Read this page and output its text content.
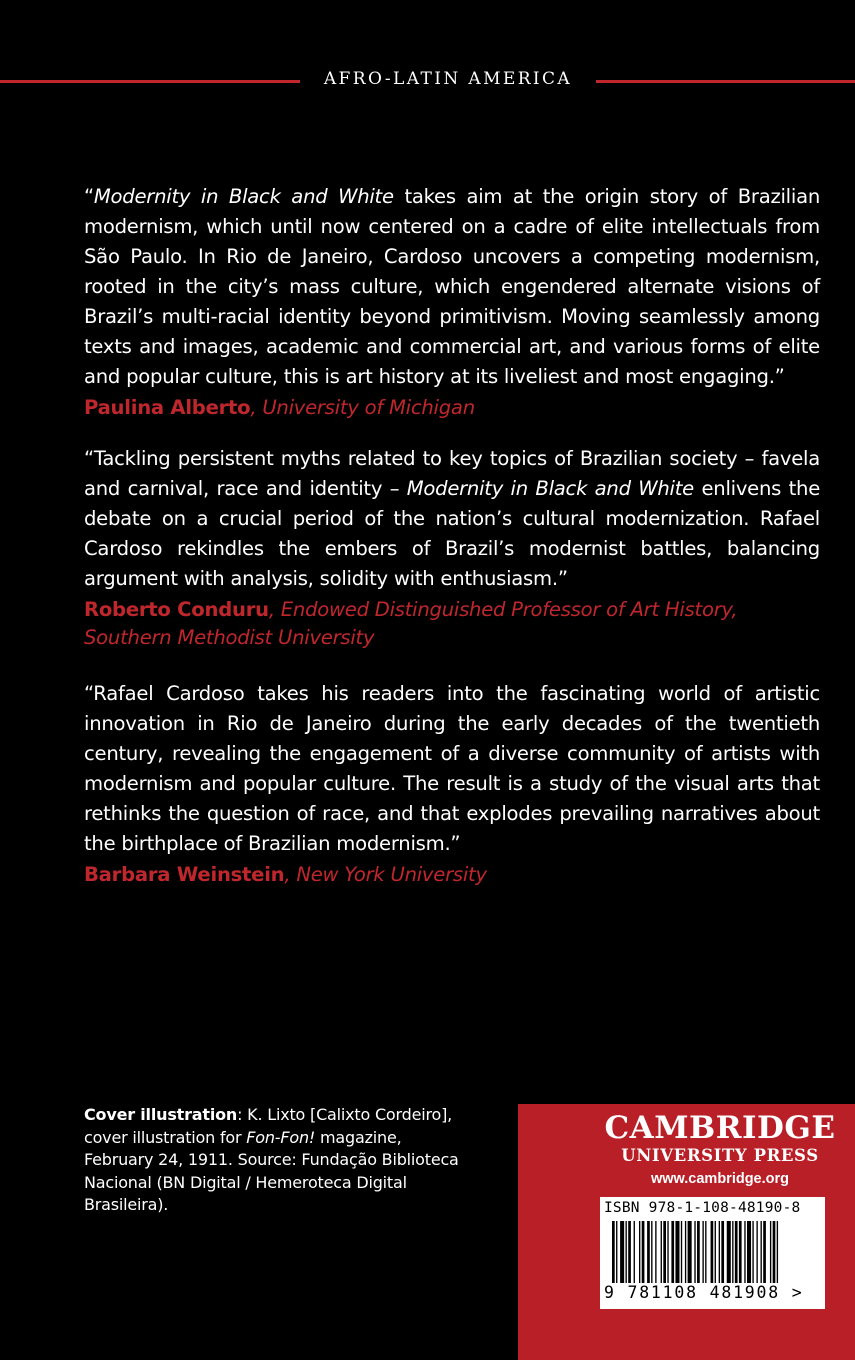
AFRO-LATIN AMERICA

“Modernity in Black and White takes aim at the origin story of Brazilian modernism, which until now centered on a cadre of elite intellectuals from São Paulo. In Rio de Janeiro, Cardoso uncovers a competing modernism, rooted in the city’s mass culture, which engendered alternate visions of Brazil’s multi-racial identity beyond primitivism. Moving seamlessly among texts and images, academic and commercial art, and various forms of elite and popular culture, this is art history at its liveliest and most engaging.”

Paulina Alberto, University of Michigan

“Tackling persistent myths related to key topics of Brazilian society – favela and carnival, race and identity – Modernity in Black and White enlivens the debate on a crucial period of the nation’s cultural modernization. Rafael Cardoso rekindles the embers of Brazil’s modernist battles, balancing argument with analysis, solidity with enthusiasm.”

Roberto Conduru, Endowed Distinguished Professor of Art History, Southern Methodist University

“Rafael Cardoso takes his readers into the fascinating world of artistic innovation in Rio de Janeiro during the early decades of the twentieth century, revealing the engagement of a diverse community of artists with modernism and popular culture. The result is a study of the visual arts that rethinks the question of race, and that explodes prevailing narratives about the birthplace of Brazilian modernism.”

Barbara Weinstein, New York University
Cover illustration: K. Lixto [Calixto Cordeiro], cover illustration for Fon-Fon! magazine, February 24, 1911. Source: Fundação Biblioteca Nacional (BN Digital / Hemeroteca Digital Brasileira).
CAMBRIDGE
UNIVERSITY PRESS
www.cambridge.org
ISBN 978-1-108-48190-8
9 781108 481908 >
